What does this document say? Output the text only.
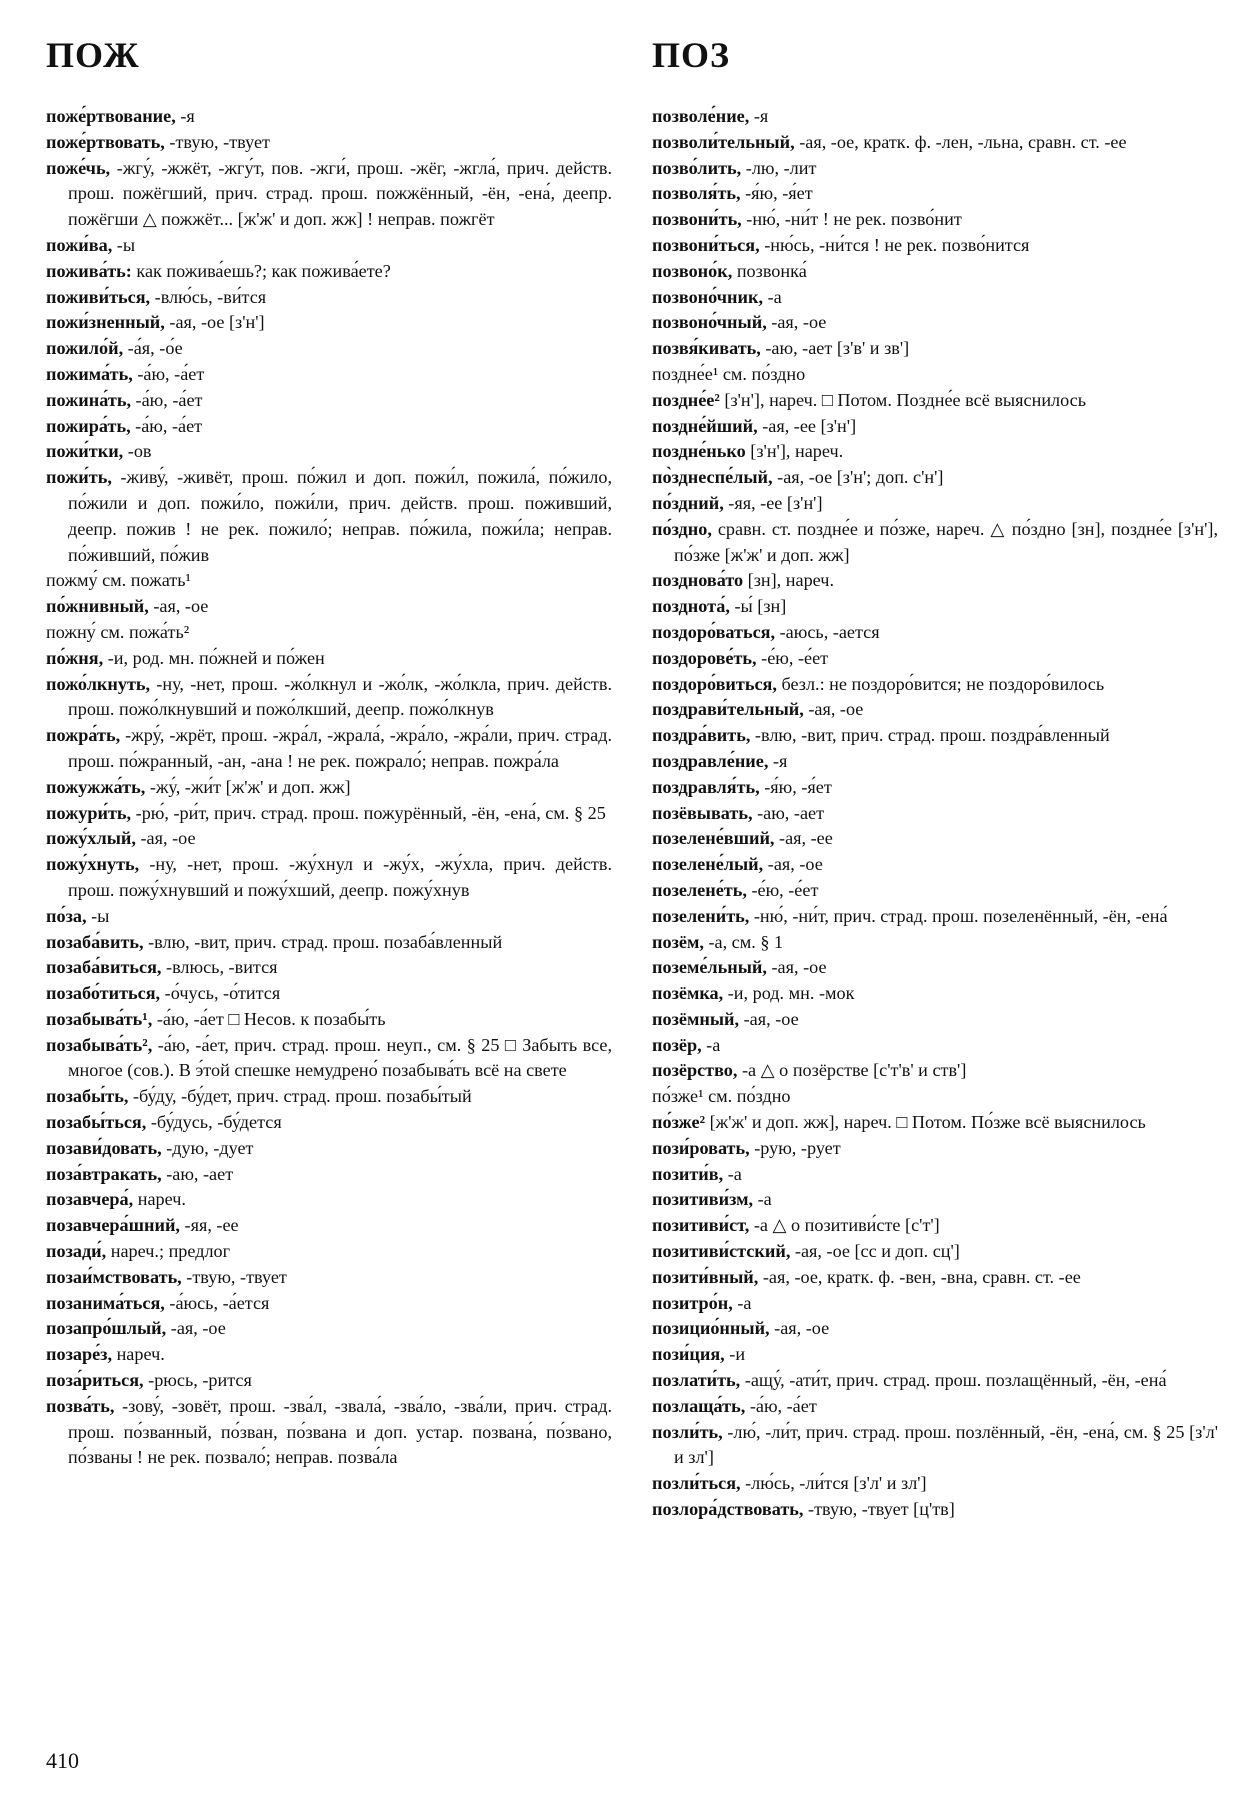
ПОЖ	ПОЗ
поже́ртвование, -я
поже́ртвовать, -твую, -твует
поже́чь, -жгу́, -жжёт, -жгу́т, пов. -жги́, прош. -жёг, -жгла́, прич. действ. прош. пожёгший, прич. страд. прош. пожжённый, -ён, -ена́, деепр. пожёгши △ пожжёт... [ж'ж' и доп. жж] ! неправ. пожгёт
пожи́ва, -ы
пожива́ть: как пожива́ешь?; как пожива́ете?
поживи́ться, -влю́сь, -ви́тся
пожи́зненный, -ая, -ое [з'н']
пожило́й, -а́я, -о́е
пожима́ть, -а́ю, -а́ет
пожина́ть, -а́ю, -а́ет
пожира́ть, -а́ю, -а́ет
пожи́тки, -ов
пожи́ть, -живу́, -живёт, прош. по́жил и доп. пожи́л, пожила́, по́жило, по́жили и доп. пожи́ло, пожи́ли, прич. действ. прош. поживший, деепр. пожив ! не рек. пожило́; неправ. по́жила, пожи́ла; неправ. по́живший, по́жив
пожму́ см. пожать¹
по́жнивный, -ая, -ое
пожну́ см. пожа́ть²
по́жня, -и, род. мн. по́жней и по́жен
пожо́лкнуть, -ну, -нет, прош. -жо́лкнул и -жо́лк, -жо́лкла, прич. действ. прош. пожо́лкнувший и пожо́лкший, деепр. пожо́лкнув
пожра́ть, -жру́, -жрёт, прош. -жра́л, -жрала́, -жра́ло, -жра́ли, прич. страд. прош. по́жранный, -ан, -ана ! не рек. пожрало́; неправ. пожра́ла
пожужжа́ть, -жу́, -жи́т [ж'ж' и доп. жж]
пожури́ть, -рю́, -ри́т, прич. страд. прош. пожурённый, -ён, -ена́, см. § 25
пожу́хлый, -ая, -ое
пожу́хнуть, -ну, -нет, прош. -жу́хнул и -жу́х, -жу́хла, прич. действ. прош. пожу́хнувший и пожу́хший, деепр. пожу́хнув
по́за, -ы
позаба́вить, -влю, -вит, прич. страд. прош. позаба́вленный
позаба́виться, -влюсь, -вится
позабо́титься, -о́чусь, -о́тится
позабыва́ть¹, -а́ю, -а́ет □ Несов. к позабы́ть
позабыва́ть², -а́ю, -а́ет, прич. страд. прош. неуп., см. § 25 □ Забыть все, многое (сов.). В э́той спешке немудрено́ позабыва́ть всё на свете
позабы́ть, -бу́ду, -бу́дет, прич. страд. прош. позабы́тый
позабы́ться, -бу́дусь, -бу́дется
позави́довать, -дую, -дует
поза́втракать, -аю, -ает
позавчера́, нареч.
позавчера́шний, -яя, -ее
позади́, нареч.; предлог
позаи́мствовать, -твую, -твует
позанима́ться, -а́юсь, -а́ется
позапро́шлый, -ая, -ое
позаре́з, нареч.
поза́риться, -рюсь, -рится
позва́ть, -зову́, -зовёт, прош. -зва́л, -звала́, -зва́ло, -зва́ли, прич. страд. прош. по́званный, по́зван, по́звана и доп. устар. позвана́, по́звано, по́званы ! не рек. позвало́; неправ. позва́ла
позволе́ние, -я
позволи́тельный, -ая, -ое, кратк. ф. -лен, -льна, сравн. ст. -ее
позво́лить, -лю, -лит
позволя́ть, -я́ю, -я́ет
позвони́ть, -ню́, -ни́т ! не рек. позво́нит
позвони́ться, -ню́сь, -ни́тся ! не рек. позво́нится
позвоно́к, позвонка́
позвоно́чник, -а
позвоно́чный, -ая, -ое
позвя́кивать, -аю, -ает [з'в' и зв']
поздне́е¹ см. по́здно
поздне́е² [з'н'], нареч. □ Потом. Поздне́е всё выяснилось
поздне́йший, -ая, -ее [з'н']
поздне́нько [з'н'], нареч.
по̀зднеспе́лый, -ая, -ое [з'н'; доп. с'н']
по́здний, -яя, -ее [з'н']
по́здно, сравн. ст. поздне́е и по́зже, нареч. △ по́здно [зн], поздне́е [з'н'], по́зже [ж'ж' и доп. жж]
позднова́то [зн], нареч.
позднота́, -ы́ [зн]
поздоро́ваться, -аюсь, -ается
поздорове́ть, -е́ю, -е́ет
поздоро́виться, безл.: не поздоро́вится; не поздоро́вилось
поздрави́тельный, -ая, -ое
поздра́вить, -влю, -вит, прич. страд. прош. поздра́вленный
поздравле́ние, -я
поздравля́ть, -я́ю, -я́ет
позёвывать, -аю, -ает
позелене́вший, -ая, -ее
позелене́лый, -ая, -ое
позелене́ть, -е́ю, -е́ет
позелени́ть, -ню́, -ни́т, прич. страд. прош. позеленённый, -ён, -ена́
позём, -а, см. § 1
поземе́льный, -ая, -ое
позёмка, -и, род. мн. -мок
позёмный, -ая, -ое
позёр, -а
позёрство, -а △ о позёрстве [с'т'в' и ств']
по́зже¹ см. по́здно
по́зже² [ж'ж' и доп. жж], нареч. □ Потом. По́зже всё выяснилось
пози́ровать, -рую, -рует
позити́в, -а
позитиви́зм, -а
позитиви́ст, -а △ о позитиви́сте [с'т']
позитиви́стский, -ая, -ое [сс и доп. сц']
позити́вный, -ая, -ое, кратк. ф. -вен, -вна, сравн. ст. -ее
позитро́н, -а
позицио́нный, -ая, -ое
пози́ция, -и
позлати́ть, -ащу́, -ати́т, прич. страд. прош. позлащённый, -ён, -ена́
позлаща́ть, -а́ю, -а́ет
позли́ть, -лю́, -ли́т, прич. страд. прош. позлённый, -ён, -ена́, см. § 25 [з'л' и зл']
позли́ться, -лю́сь, -ли́тся [з'л' и зл']
позлора́дствовать, -твую, -твует [ц'тв]
410
